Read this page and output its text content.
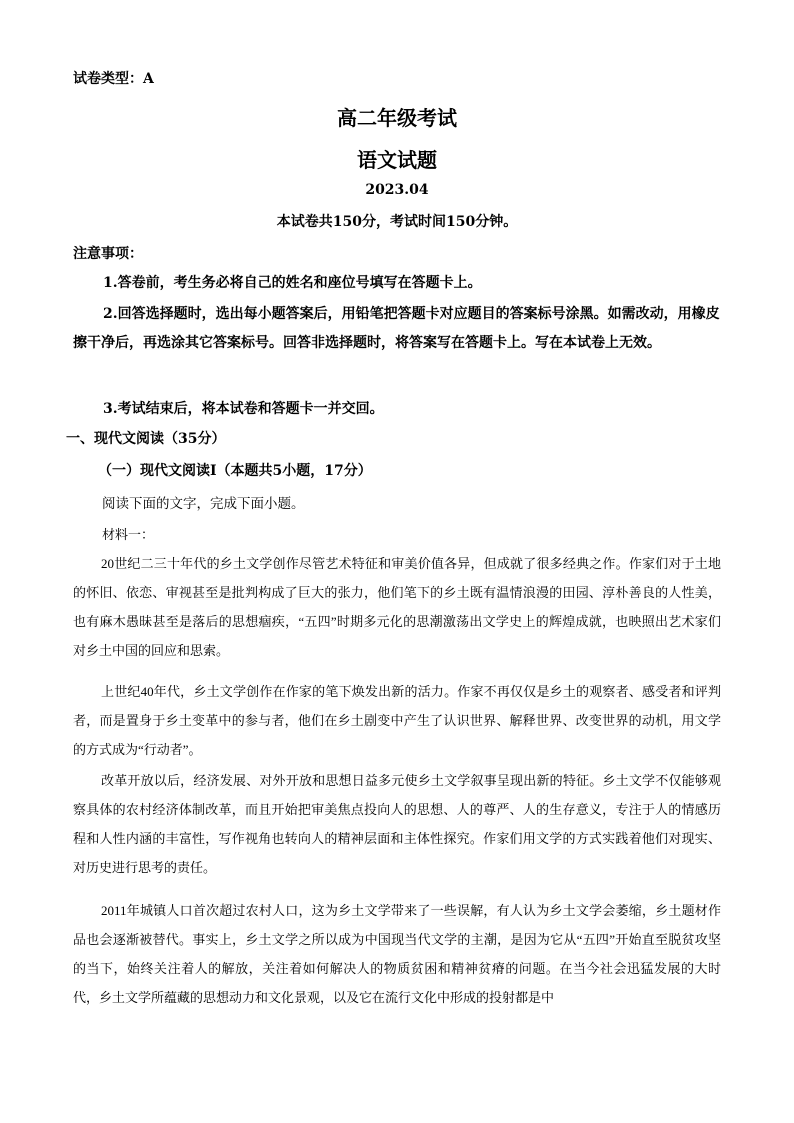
试卷类型：A
高二年级考试
语文试题
2023.04
本试卷共150分，考试时间150分钟。
注意事项：

1.答卷前，考生务必将自己的姓名和座位号填写在答题卡上。

2.回答选择题时，选出每小题答案后，用铅笔把答题卡对应题目的答案标号涂黑。如需改动，用橡皮擦干净后，再选涂其它答案标号。回答非选择题时，将答案写在答题卡上。写在本试卷上无效。

3.考试结束后，将本试卷和答题卡一并交回。

一、现代文阅读（35分）
（一）现代文阅读Ⅰ（本题共5小题，17分）
阅读下面的文字，完成下面小题。
材料一：

20世纪二三十年代的乡土文学创作尽管艺术特征和审美价值各异，但成就了很多经典之作。作家们对于土地的怀旧、依恋、审视甚至是批判构成了巨大的张力，他们笔下的乡土既有温情浪漫的田园、淳朴善良的人性美，也有麻木愚昧甚至是落后的思想痼疾，“五四”时期多元化的思潮激荡出文学史上的辉煌成就，也映照出艺术家们对乡土中国的回应和思索。

上世纪40年代，乡土文学创作在作家的笔下焕发出新的活力。作家不再仅仅是乡土的观察者、感受者和评判者，而是置身于乡土变革中的参与者，他们在乡土剧变中产生了认识世界、解释世界、改变世界的动机，用文学的方式成为“行动者”。

改革开放以后，经济发展、对外开放和思想日益多元使乡土文学叙事呈现出新的特征。乡土文学不仅能够观察具体的农村经济体制改革，而且开始把审美焦点投向人的思想、人的尊严、人的生存意义，专注于人的情感历程和人性内涵的丰富性，写作视角也转向人的精神层面和主体性探究。作家们用文学的方式实践着他们对现实、对历史进行思考的责任。

2011年城镇人口首次超过农村人口，这为乡土文学带来了一些误解，有人认为乡土文学会萎缩，乡土题材作品也会逐渐被替代。事实上，乡土文学之所以成为中国现当代文学的主潮，是因为它从“五四”开始直至脱贫攻坚的当下，始终关注着人的解放，关注着如何解决人的物质贫困和精神贫瘠的问题。在当今社会迅猛发展的大时代，乡土文学所蕴藏的思想动力和文化景观，以及它在流行文化中形成的投射都是中
